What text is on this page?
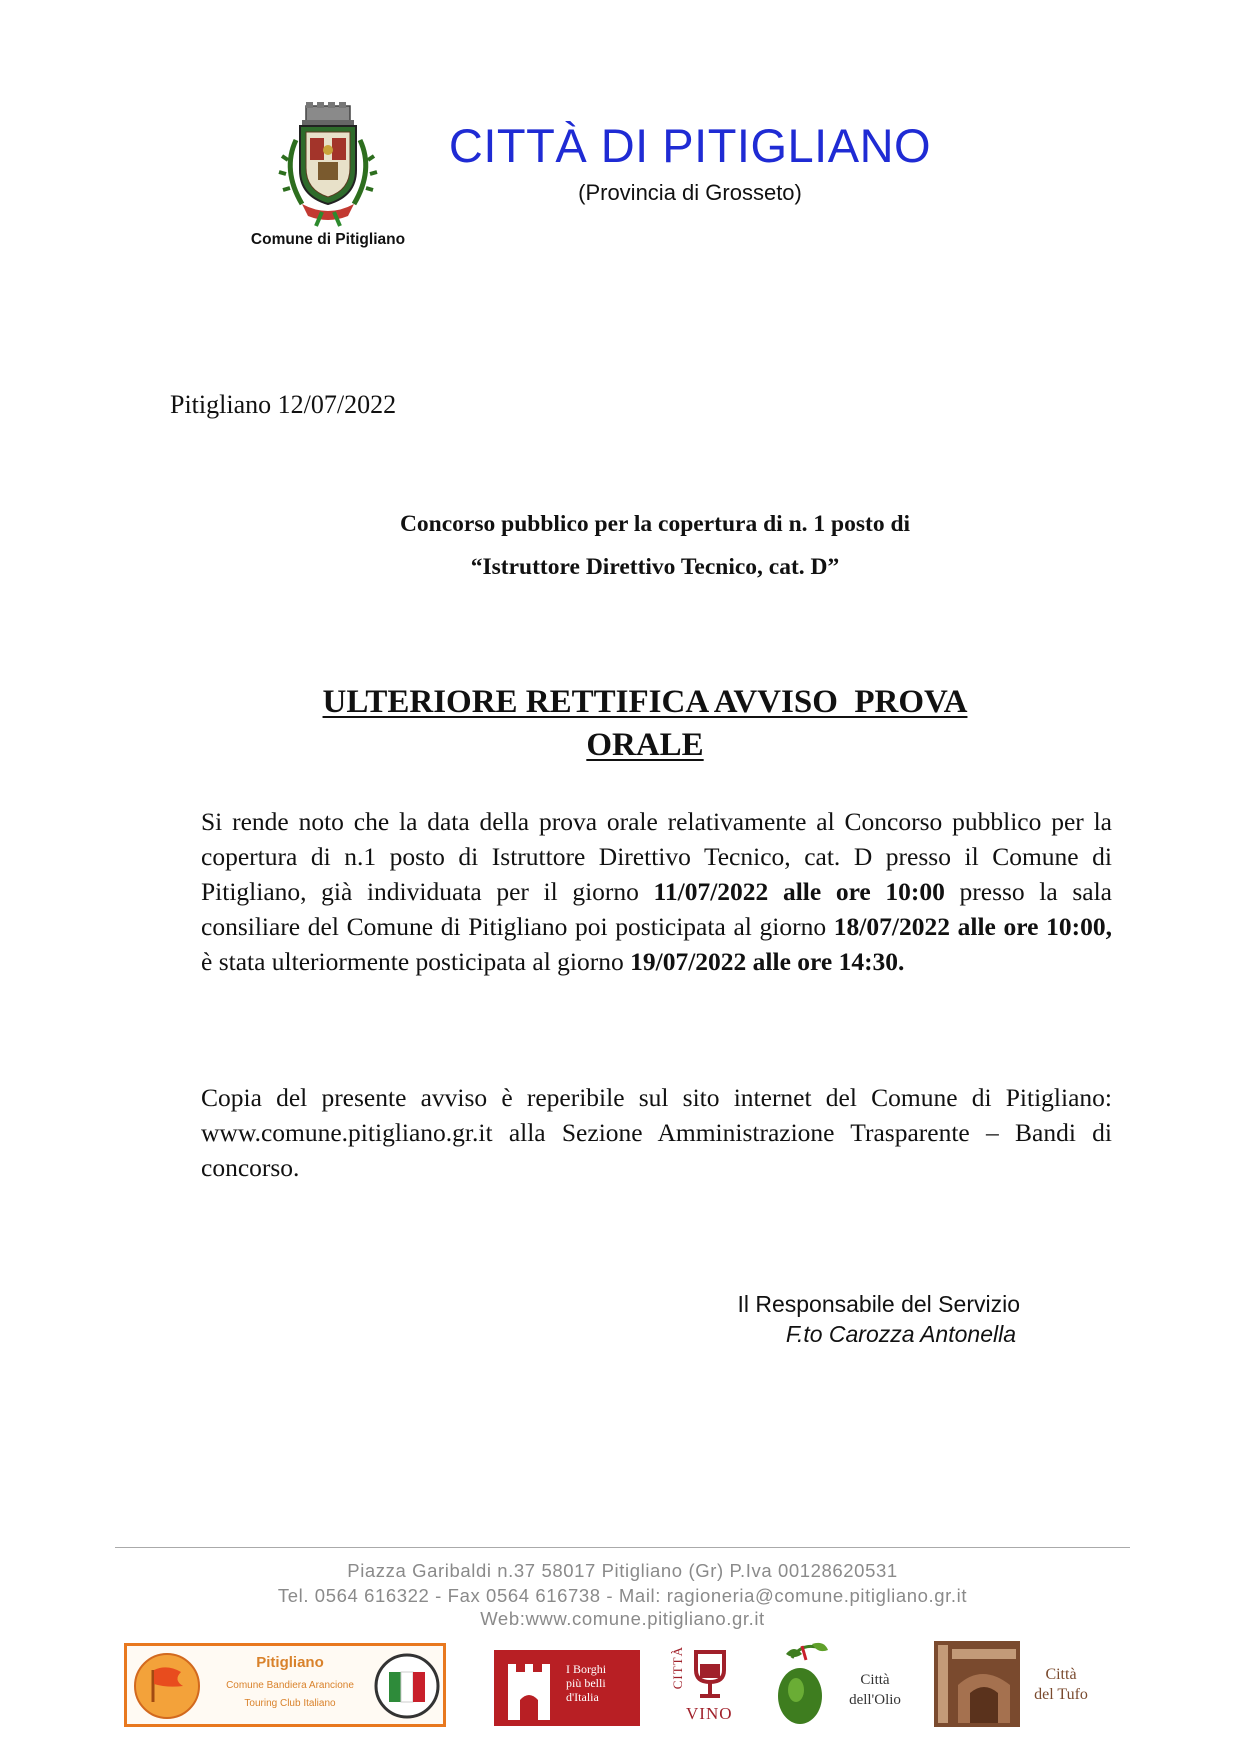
Comune di Pitigliano
CITTÀ DI PITIGLIANO
(Provincia di Grosseto)
Pitigliano 12/07/2022
Concorso pubblico per la copertura di n. 1 posto di
“Istruttore Direttivo Tecnico, cat. D”
ULTERIORE RETTIFICA AVVISO  PROVA
ORALE
Si rende noto che la data della prova orale relativamente al Concorso pubblico per la copertura di n.1 posto di Istruttore Direttivo Tecnico, cat. D presso il Comune di Pitigliano, già individuata per il giorno 11/07/2022 alle ore 10:00 presso la sala consiliare del Comune di Pitigliano poi posticipata al giorno 18/07/2022 alle ore 10:00, è stata ulteriormente posticipata al giorno 19/07/2022 alle ore 14:30.
Copia del presente avviso è reperibile sul sito internet del Comune di Pitigliano: www.comune.pitigliano.gr.it alla Sezione Amministrazione Trasparente – Bandi di concorso.
Il Responsabile del Servizio
F.to Carozza Antonella
Piazza Garibaldi n.37 58017 Pitigliano (Gr) P.Iva 00128620531
Tel. 0564 616322 - Fax 0564 616738 - Mail: ragioneria@comune.pitigliano.gr.it
Web:www.comune.pitigliano.gr.it
Pitigliano
Comune Bandiera Arancione
Touring Club Italiano
I Borghi
più belli
d'Italia
CITTÀ
VINO
Città
dell'Olio
Città
del Tufo
